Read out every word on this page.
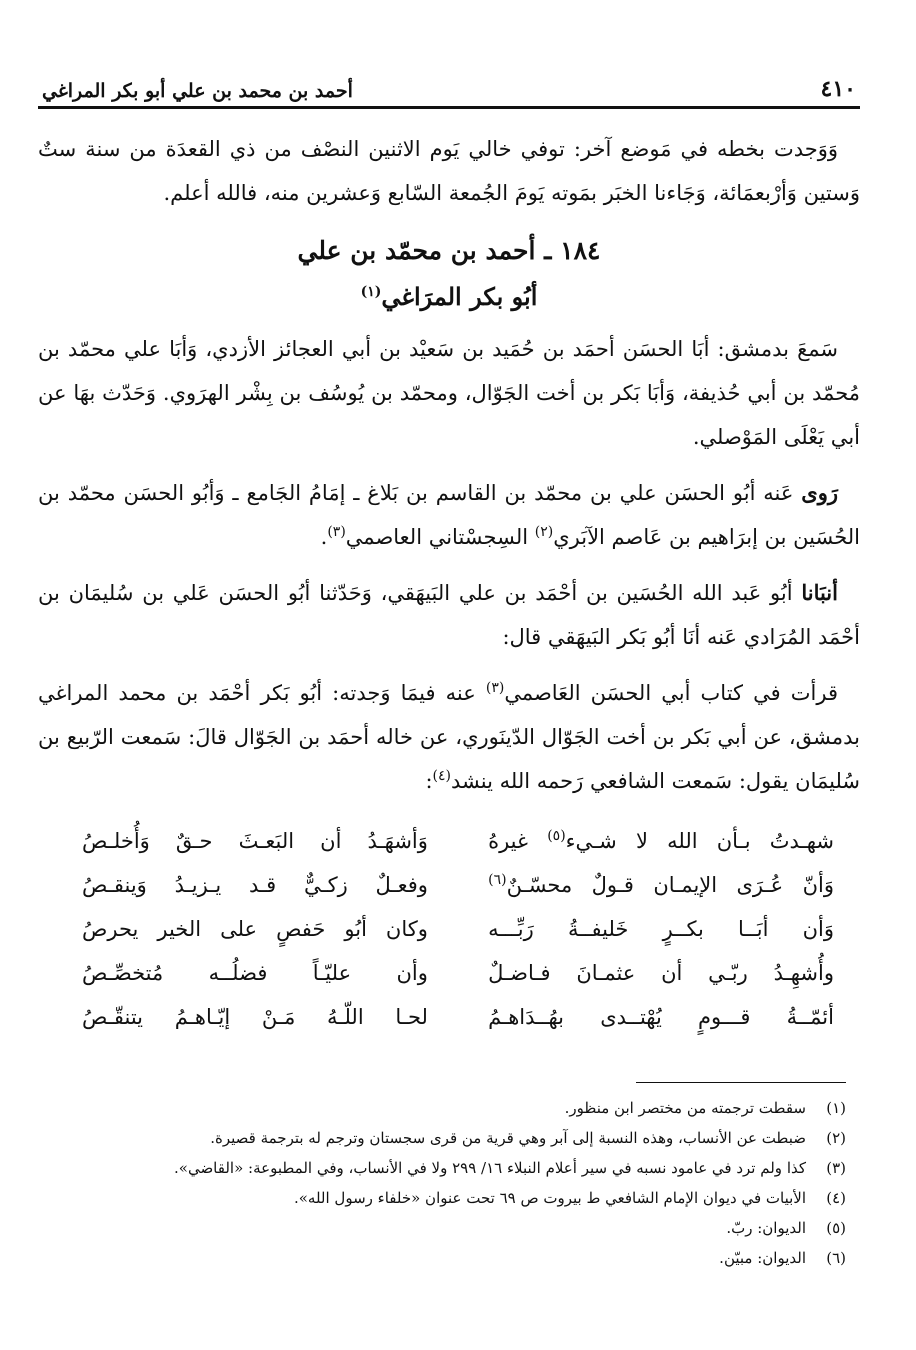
٤١٠
أحمد بن محمد بن علي أبو بكر المراغي

وَوَجدت بخطه في مَوضع آخر: توفي خالي يَوم الاثنين النصْف من ذي القعدَة من سنة ستٌ وَستين وَأرْبعمَائة، وَجَاءنا الخبَر بمَوته يَومَ الجُمعة السّابع وَعشرين منه، فالله أعلم.

١٨٤ ـ أحمد بن محمّد بن علي
أبُو بكر المرَاغي$^{(١)}$

سَمعَ بدمشق: أبَا الحسَن أحمَد بن حُمَيد بن سَعيْد بن أبي العجائز الأزدي، وَأبَا علي محمّد بن مُحمّد بن أبي حُذيفة، وَأبَا بَكر بن أخت الجَوّال، ومحمّد بن يُوسُف بن بِشْر الهرَوي. وَحَدّث بهَا عن أبي يَعْلَى المَوْصلي.

رَوى عَنه أبُو الحسَن علي بن محمّد بن القاسم بن بَلاغ ـ إمَامُ الجَامع ـ وَأبُو الحسَن محمّد بن الحُسَين بن إبرَاهيم بن عَاصم الآبَري$^{(٢)}$ السِجسْتاني العاصمي$^{(٣)}$.

أنبَانا أبُو عَبد الله الحُسَين بن أحْمَد بن علي البَيهَقي، وَحَدّثنا أبُو الحسَن عَلي بن سُليمَان بن أحْمَد المُرَادي عَنه أنَا أبُو بَكر البَيهَقي قال:

قرأت في كتاب أبي الحسَن العَاصمي$^{(٣)}$ عنه فيمَا وَجدته: أبُو بَكر أحْمَد بن محمد المراغي بدمشق، عن أبي بَكر بن أخت الجَوّال الدّينَوري، عن خاله أحمَد بن الجَوّال قالَ: سَمعت الرّبيع بن سُليمَان يقول: سَمعت الشافعي رَحمه الله ينشد$^{(٤)}$:

شهـدتُ بـأن الله لا شـيء$^{(٥)}$ غيرهُ
وَأشهَـدُ أن البَعـثَ حـقٌ وَأُخلـصُ
وَأنّ عُـرَى الإيمـان قـولٌ محسّـنٌ$^{(٦)}$
وفعـلٌ زكـيٌّ قـد يـزيـدُ وَينقـصُ
وَأن أبَــا بكــرٍ خَليفــةُ رَبِّـــه
وكان أبُو حَفصٍ على الخير يحرصُ
وأُشهِـدُ ربّـي أن عثمـانَ فـاضـلٌ
وأن عليّـاً فضلُــه مُتخصِّـصُ
أئمّــةُ قـــومٍ يُهْتــدى بهُــدَاهـمُ
لحـا اللّـهُ مَـنْ إيّـاهـمُ يتنقّـصُ
(١)
سقطت ترجمته من مختصر ابن منظور.
(٢)
ضبطت عن الأنساب، وهذه النسبة إلى آبر وهي قرية من قرى سجستان وترجم له بترجمة قصيرة.
(٣)
كذا ولم ترد في عامود نسبه في سير أعلام النبلاء ١٦/ ٢٩٩ ولا في الأنساب، وفي المطبوعة: «القاضي».
(٤)
الأبيات في ديوان الإمام الشافعي ط بيروت ص ٦٩ تحت عنوان «خلفاء رسول الله».
(٥)
الديوان: ربّ.
(٦)
الديوان: مبيّن.
